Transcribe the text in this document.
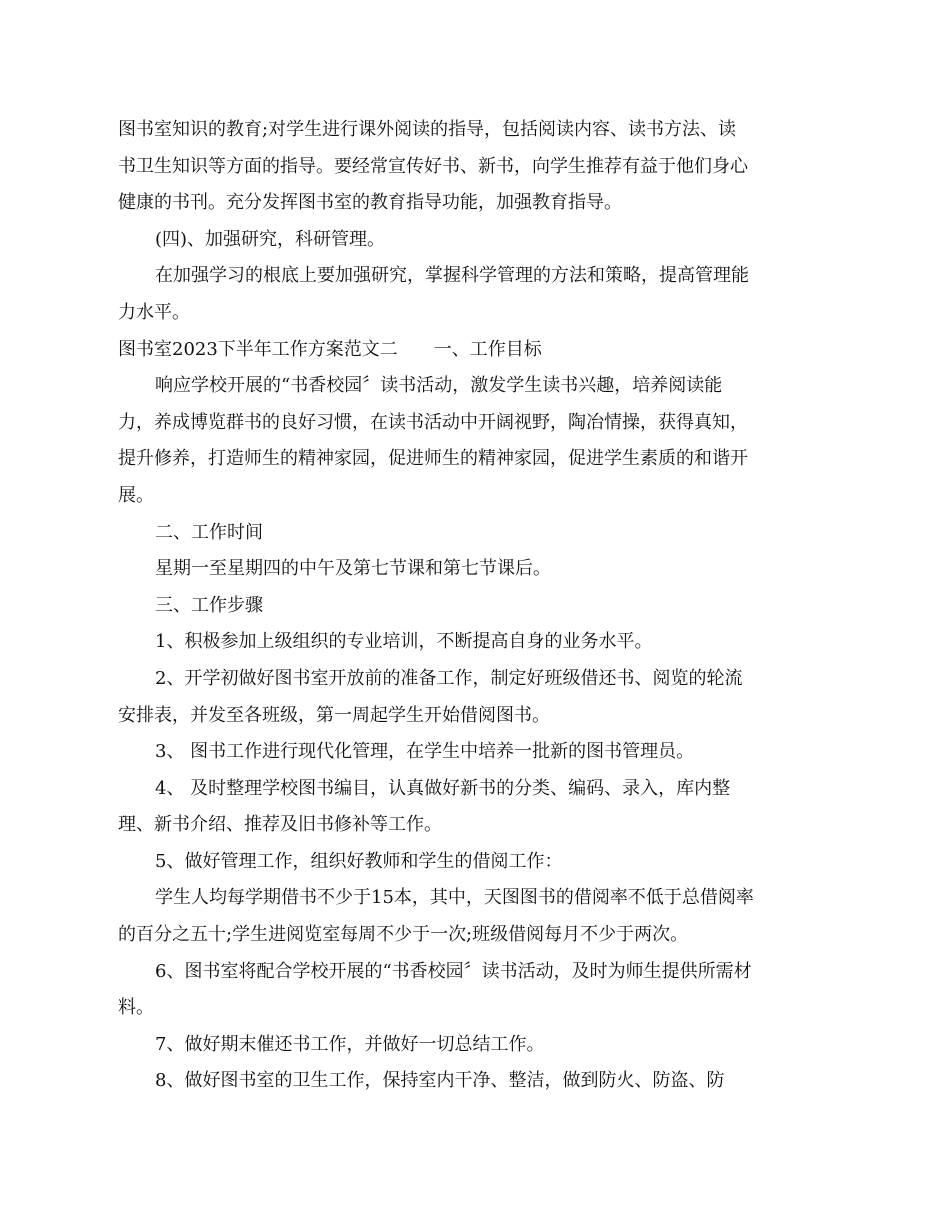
图书室知识的教育;对学生进行课外阅读的指导，包括阅读内容、读书方法、读
书卫生知识等方面的指导。要经常宣传好书、新书，向学生推荐有益于他们身心
健康的书刊。充分发挥图书室的教育指导功能，加强教育指导。
(四)、加强研究，科研管理。
在加强学习的根底上要加强研究，掌握科学管理的方法和策略，提高管理能
力水平。
图书室2023下半年工作方案范文二　　一、工作目标
响应学校开展的“书香校园〞读书活动，激发学生读书兴趣，培养阅读能
力，养成博览群书的良好习惯，在读书活动中开阔视野，陶冶情操，获得真知，
提升修养，打造师生的精神家园，促进师生的精神家园，促进学生素质的和谐开
展。
二、工作时间
星期一至星期四的中午及第七节课和第七节课后。
三、工作步骤
1、积极参加上级组织的专业培训，不断提高自身的业务水平。
2、开学初做好图书室开放前的准备工作，制定好班级借还书、阅览的轮流
安排表，并发至各班级，第一周起学生开始借阅图书。
3、 图书工作进行现代化管理，在学生中培养一批新的图书管理员。
4、 及时整理学校图书编目，认真做好新书的分类、编码、录入，库内整
理、新书介绍、推荐及旧书修补等工作。
5、做好管理工作，组织好教师和学生的借阅工作：
学生人均每学期借书不少于15本，其中，天图图书的借阅率不低于总借阅率
的百分之五十;学生进阅览室每周不少于一次;班级借阅每月不少于两次。
6、图书室将配合学校开展的“书香校园〞读书活动，及时为师生提供所需材
料。
7、做好期末催还书工作，并做好一切总结工作。
8、做好图书室的卫生工作，保持室内干净、整洁，做到防火、防盗、防
